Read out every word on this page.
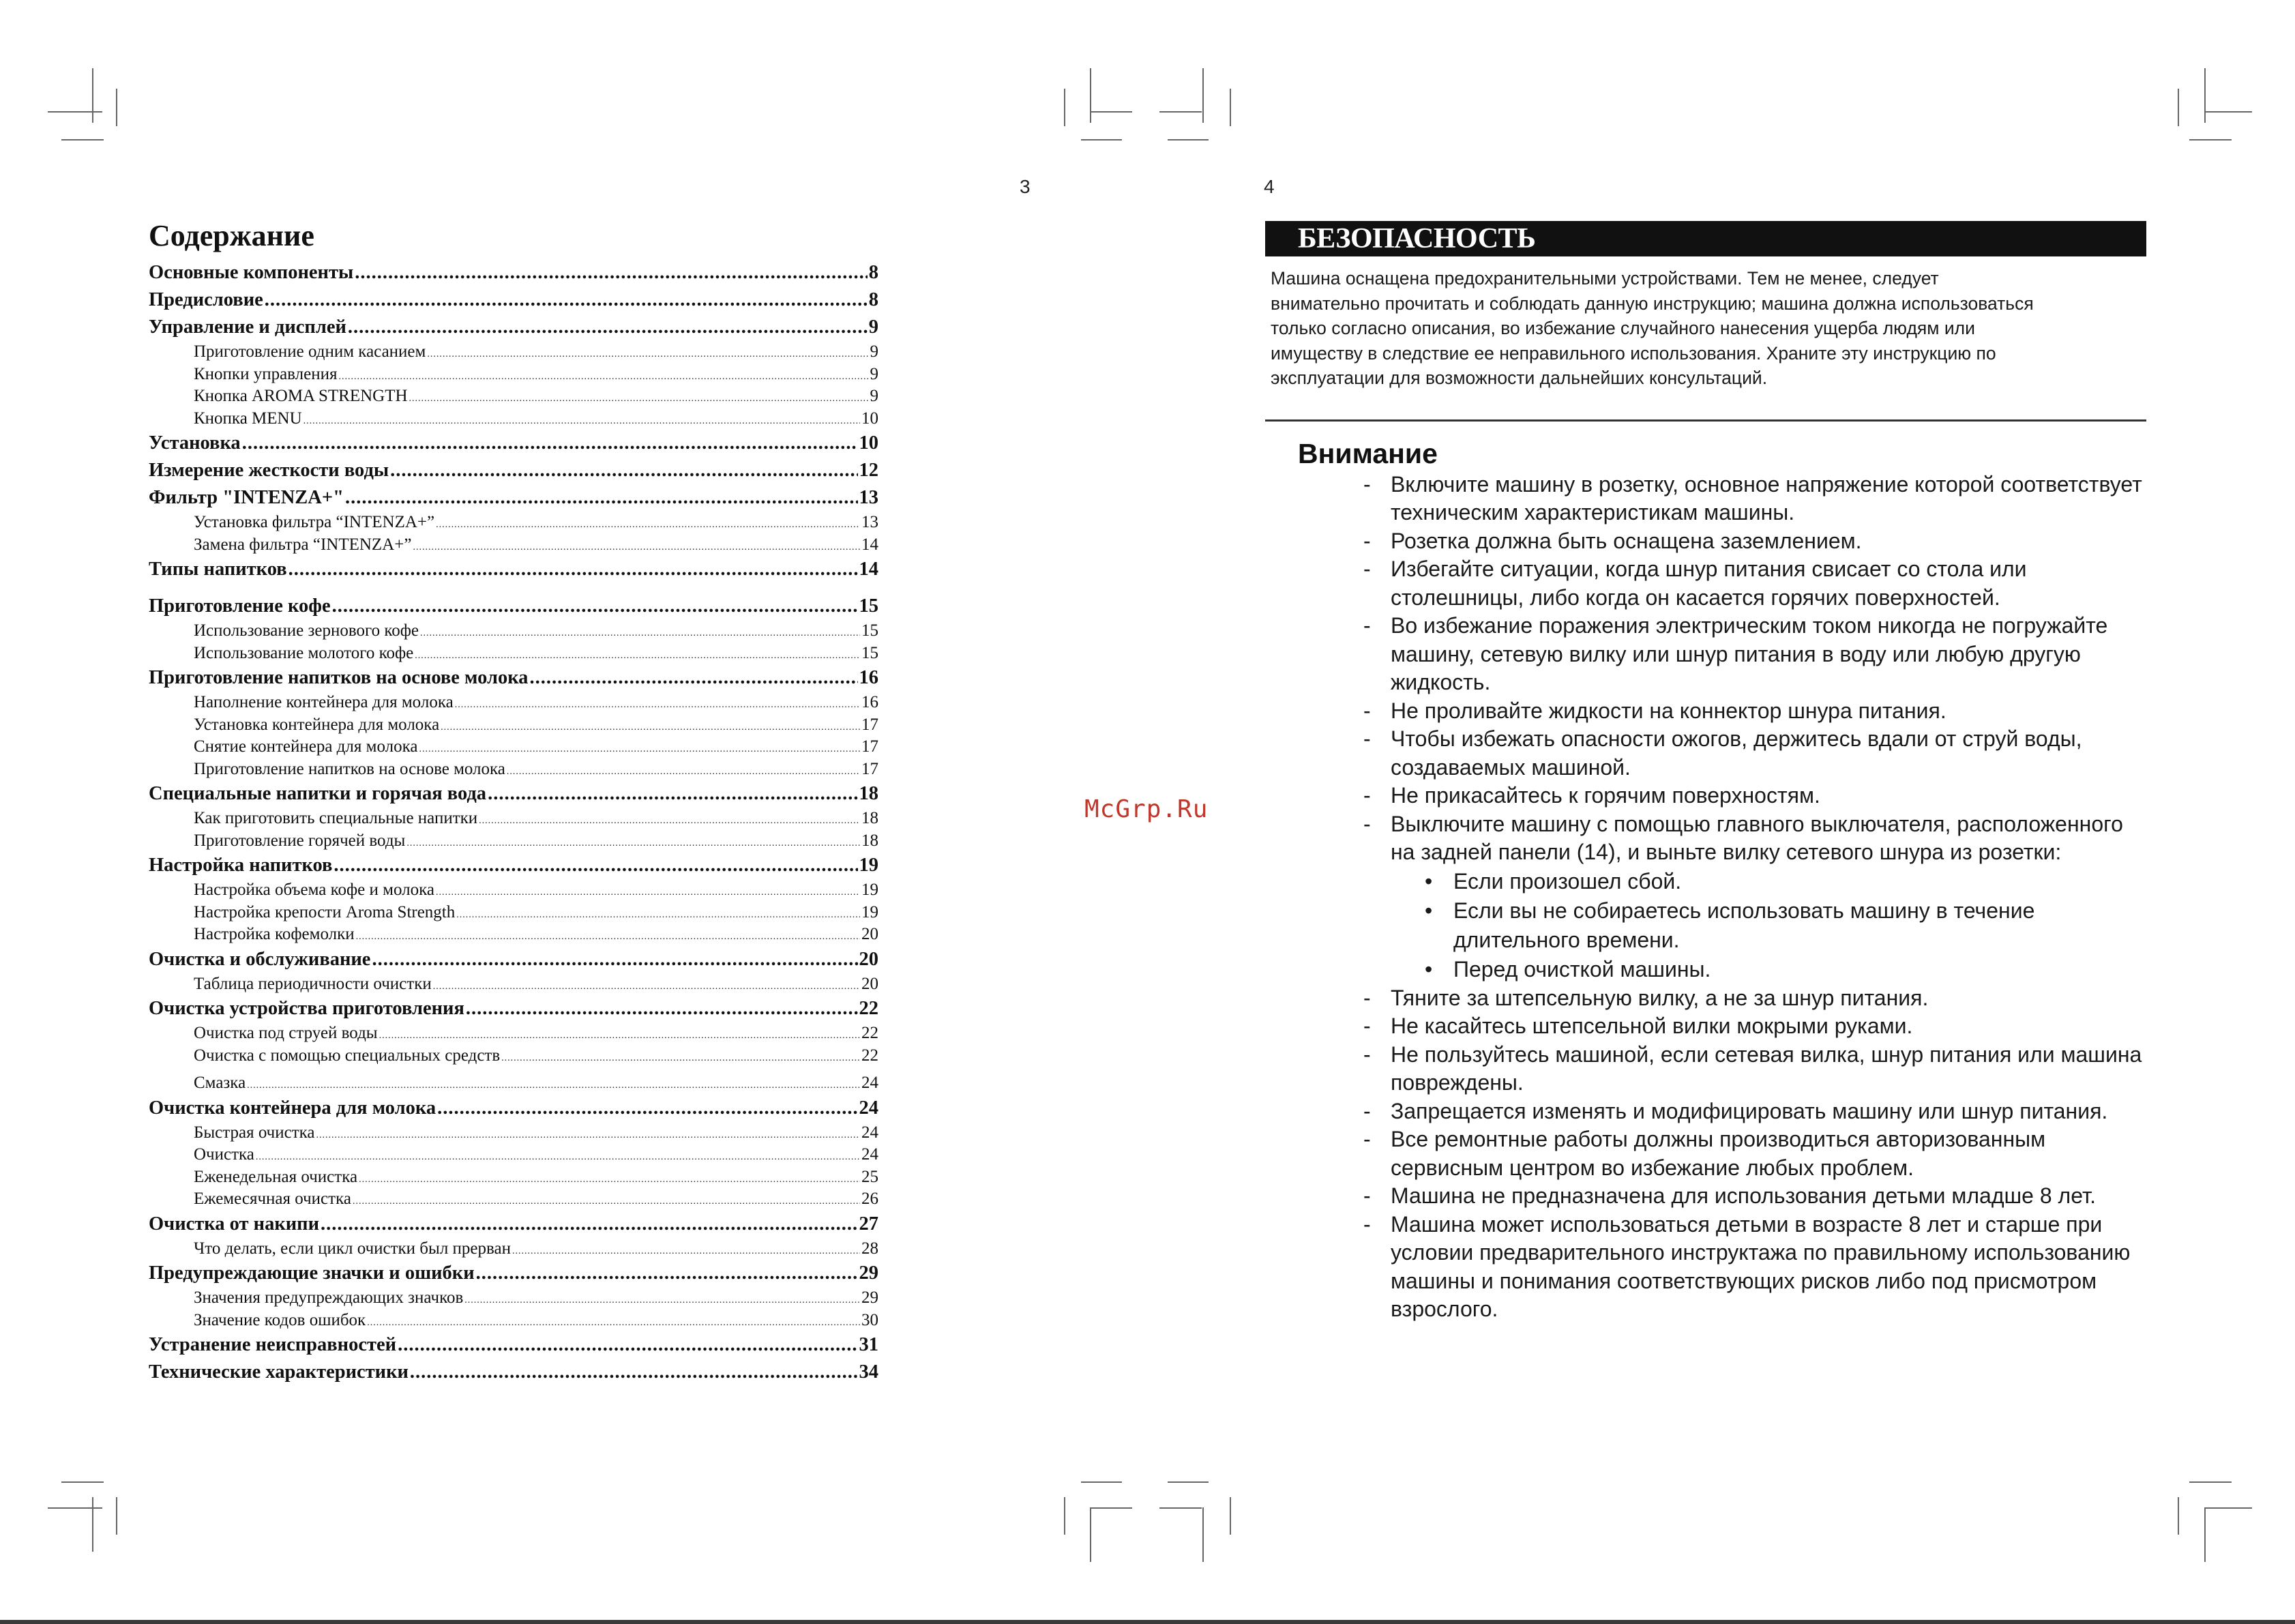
3	4
Содержание
Основные компоненты .....	8
Предисловие .....	8
Управление и дисплей .....	9
Приготовление одним касанием .....	9
Кнопки управления .....	9
Кнопка AROMA STRENGTH .....	9
Кнопка MENU .....	10
Установка .....	10
Измерение жесткости воды .....	12
Фильтр "INTENZA+" .....	13
Установка фильтра “INTENZA+” .....	13
Замена фильтра “INTENZA+” .....	14
Типы напитков .....	14
Приготовление кофе .....	15
Использование зернового кофе .....	15
Использование молотого кофе .....	15
Приготовление напитков на основе молока .....	16
Наполнение контейнера для молока .....	16
Установка контейнера для молока .....	17
Снятие контейнера для молока .....	17
Приготовление напитков на основе молока .....	17
Специальные напитки и горячая вода .....	18
Как приготовить специальные напитки .....	18
Приготовление горячей воды .....	18
Настройка напитков .....	19
Настройка объема кофе и молока .....	19
Настройка крепости Aroma Strength .....	19
Настройка кофемолки .....	20
Очистка и обслуживание .....	20
Таблица периодичности очистки .....	20
Очистка устройства приготовления .....	22
Очистка под струей воды .....	22
Очистка с помощью специальных средств .....	22
Смазка .....	24
Очистка контейнера для молока .....	24
Быстрая очистка .....	24
Очистка .....	24
Еженедельная очистка .....	25
Ежемесячная очистка .....	26
Очистка от накипи .....	27
Что делать, если цикл очистки был прерван .....	28
Предупреждающие значки и ошибки .....	29
Значения предупреждающих значков .....	29
Значение кодов ошибок .....	30
Устранение неисправностей .....	31
Технические характеристики .....	34
БЕЗОПАСНОСТЬ
Машина оснащена предохранительными устройствами. Тем не менее, следует
внимательно прочитать и соблюдать данную инструкцию; машина должна использоваться
только согласно описания, во избежание случайного нанесения ущерба людям или
имуществу в следствие ее неправильного использования. Храните эту инструкцию по
эксплуатации для возможности дальнейших консультаций.
Внимание
- Включите машину в розетку, основное напряжение которой соответствует техническим характеристикам машины.
- Розетка должна быть оснащена заземлением.
- Избегайте ситуации, когда шнур питания свисает со стола или столешницы, либо когда он касается горячих поверхностей.
- Во избежание поражения электрическим током никогда не погружайте машину, сетевую вилку или шнур питания в воду или любую другую жидкость.
- Не проливайте жидкости на коннектор шнура питания.
- Чтобы избежать опасности ожогов, держитесь вдали от струй воды, создаваемых машиной.
- Не прикасайтесь к горячим поверхностям.
- Выключите машину с помощью главного выключателя, расположенного на задней панели (14), и выньте вилку сетевого шнура из розетки:
• Если произошел сбой.
• Если вы не собираетесь использовать машину в течение длительного времени.
• Перед очисткой машины.
- Тяните за штепсельную вилку, а не за шнур питания.
- Не касайтесь штепсельной вилки мокрыми руками.
- Не пользуйтесь машиной, если сетевая вилка, шнур питания или машина повреждены.
- Запрещается изменять и модифицировать машину или шнур питания.
- Все ремонтные работы должны производиться авторизованным сервисным центром во избежание любых проблем.
- Машина не предназначена для использования детьми младше 8 лет.
- Машина может использоваться детьми в возрасте 8 лет и старше при условии предварительного инструктажа по правильному использованию машины и понимания соответствующих рисков либо под присмотром взрослого.
McGrp.Ru
